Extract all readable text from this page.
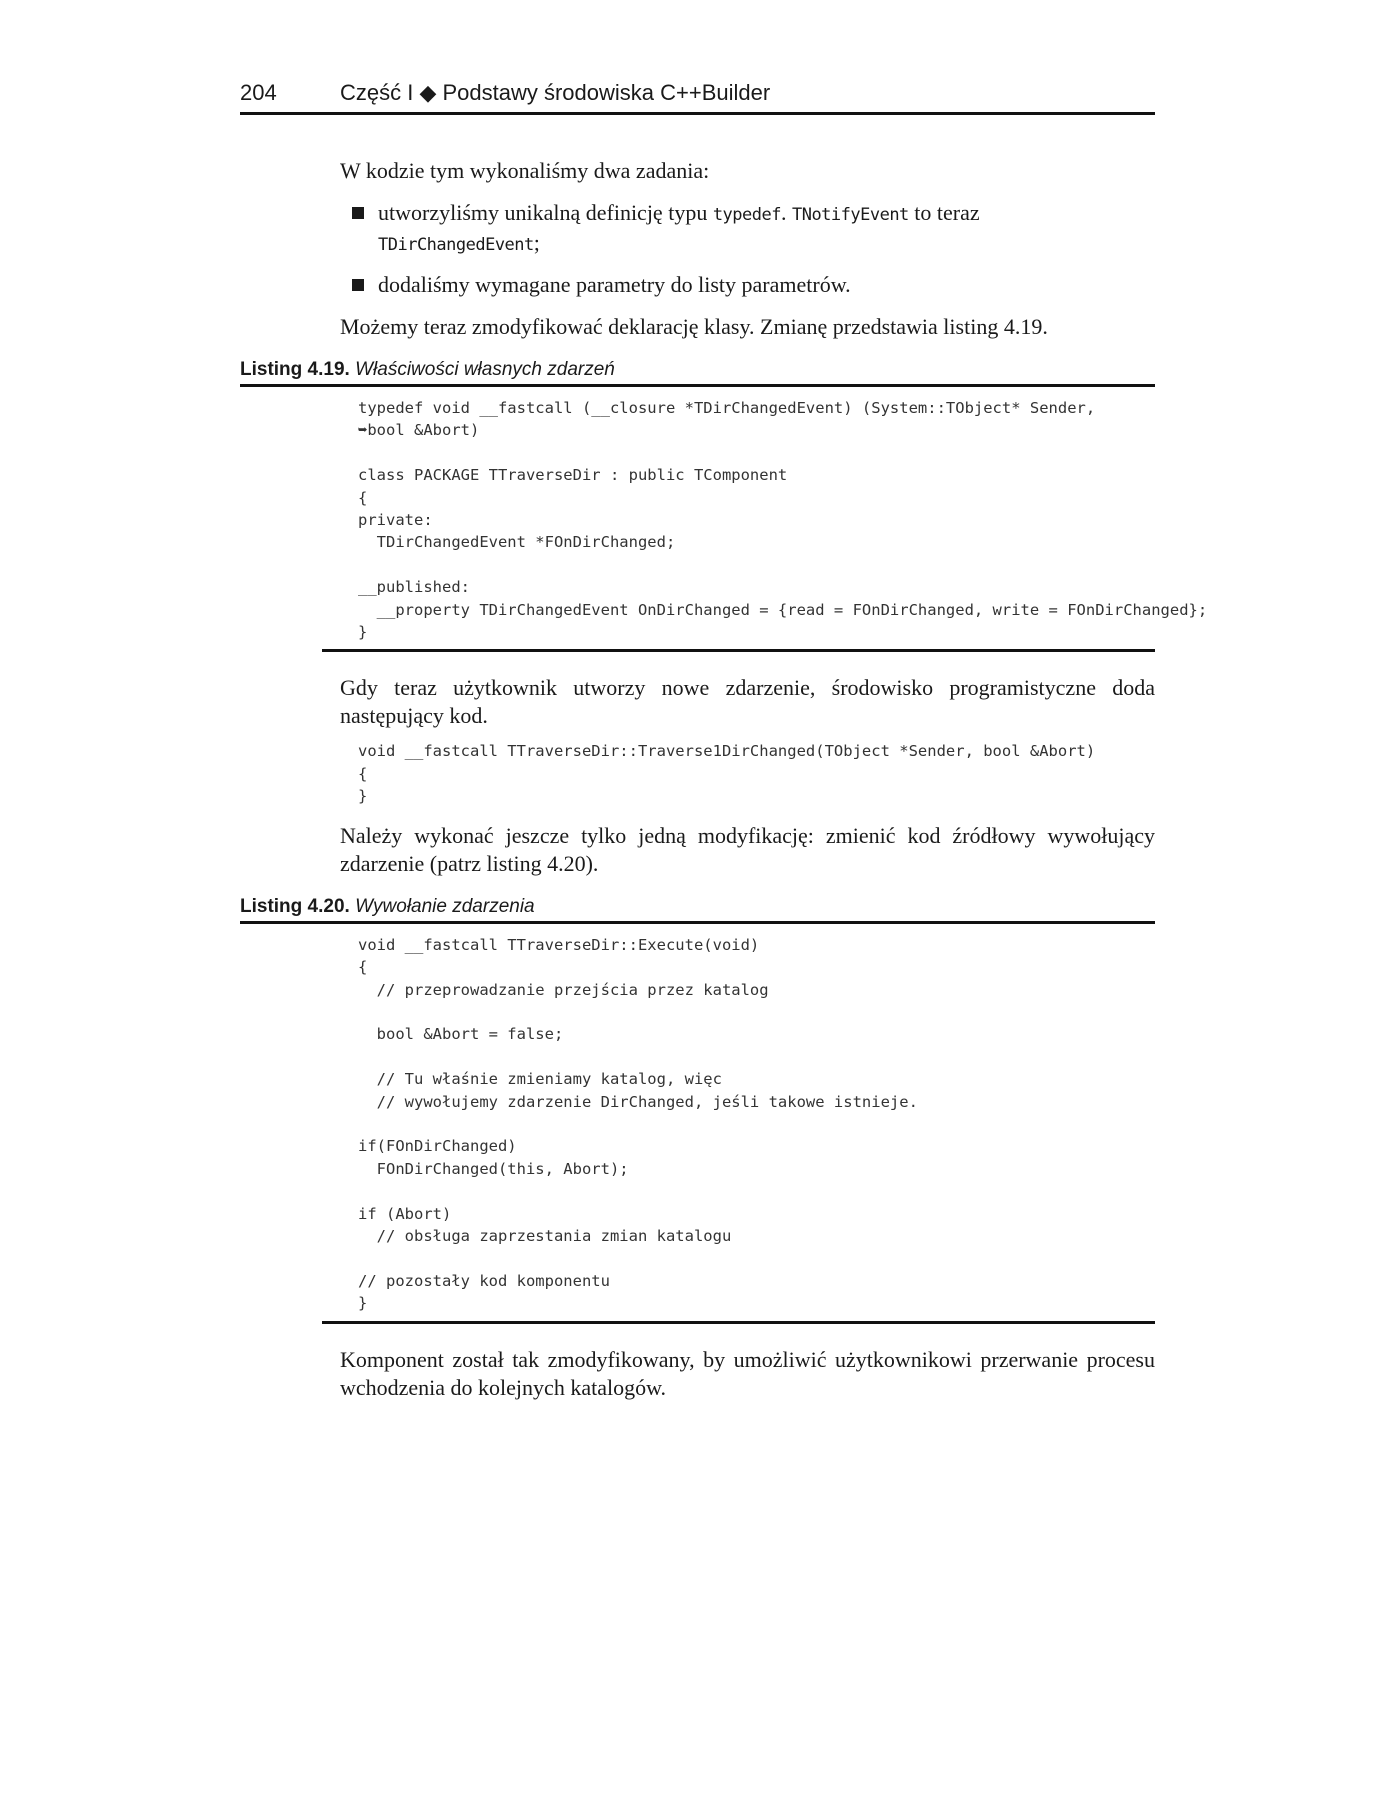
204	Część I ◆ Podstawy środowiska C++Builder

W kodzie tym wykonaliśmy dwa zadania:

utworzyliśmy unikalną definicję typu typedef. TNotifyEvent to teraz
TDirChangedEvent;
dodaliśmy wymagane parametry do listy parametrów.

Możemy teraz zmodyfikować deklarację klasy. Zmianę przedstawia listing 4.19.

Listing 4.19. Właściwości własnych zdarzeń
typedef void __fastcall (__closure *TDirChangedEvent) (System::TObject* Sender,
➥bool &Abort)

class PACKAGE TTraverseDir : public TComponent
{
private:
TDirChangedEvent *FOnDirChanged;

__published:
__property TDirChangedEvent OnDirChanged = {read = FOnDirChanged, write = FOnDirChanged};
}

Gdy teraz użytkownik utworzy nowe zdarzenie, środowisko programistyczne doda następujący kod.

void __fastcall TTraverseDir::Traverse1DirChanged(TObject *Sender, bool &Abort)
{
}

Należy wykonać jeszcze tylko jedną modyfikację: zmienić kod źródłowy wywołujący zdarzenie (patrz listing 4.20).

Listing 4.20. Wywołanie zdarzenia
void __fastcall TTraverseDir::Execute(void)
{
// przeprowadzanie przejścia przez katalog

bool &Abort = false;

// Tu właśnie zmieniamy katalog, więc
// wywołujemy zdarzenie DirChanged, jeśli takowe istnieje.

if(FOnDirChanged)
FOnDirChanged(this, Abort);

if (Abort)
// obsługa zaprzestania zmian katalogu

// pozostały kod komponentu
}

Komponent został tak zmodyfikowany, by umożliwić użytkownikowi przerwanie procesu wchodzenia do kolejnych katalogów.
